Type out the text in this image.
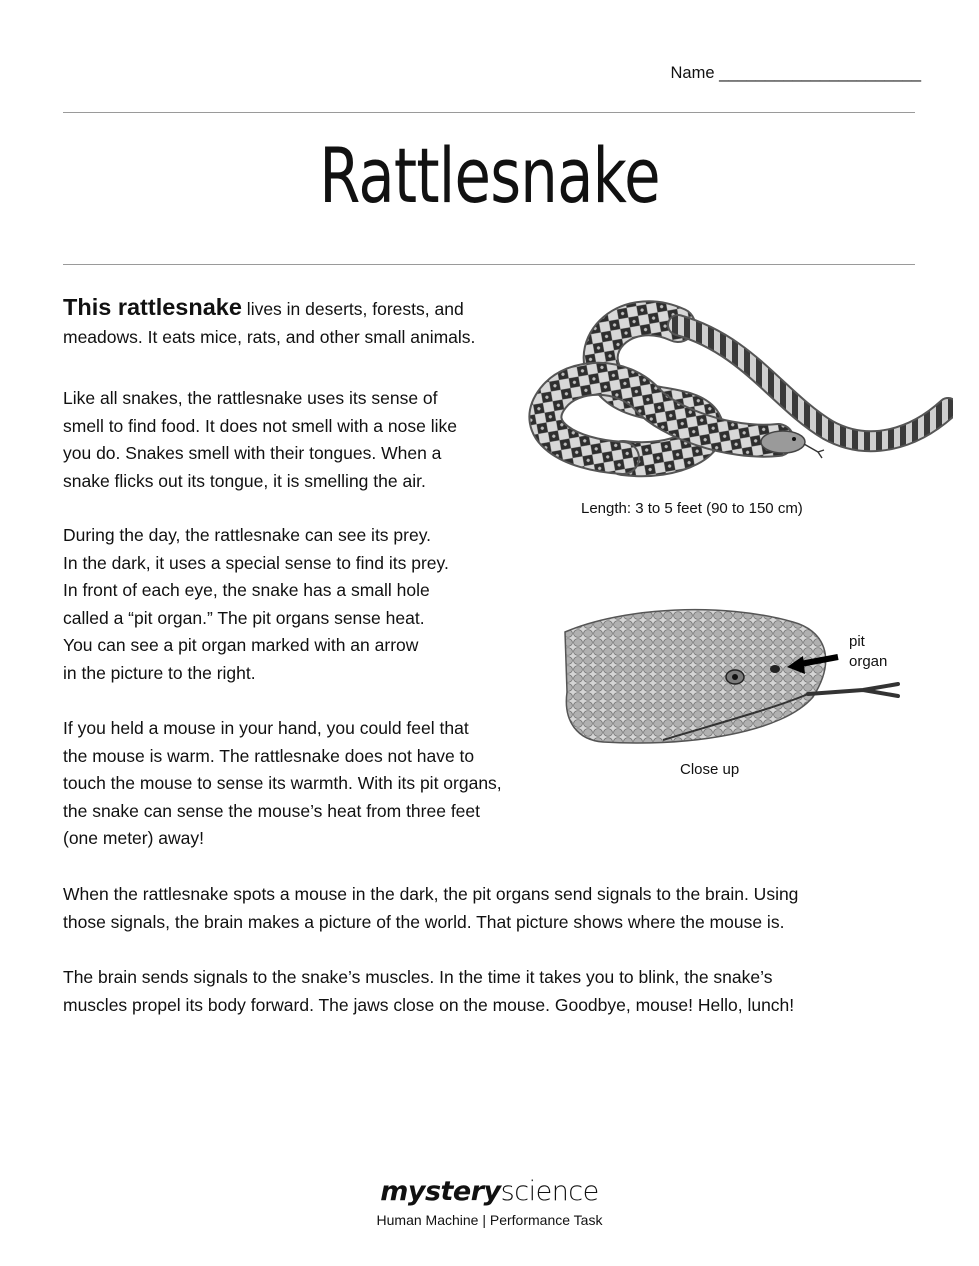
Name ______________________
Rattlesnake
This rattlesnake lives in deserts, forests, and
meadows. It eats mice, rats, and other small animals.
Like all snakes, the rattlesnake uses its sense of
smell to find food. It does not smell with a nose like
you do. Snakes smell with their tongues. When a
snake flicks out its tongue, it is smelling the air.
During the day, the rattlesnake can see its prey.
In the dark, it uses a special sense to find its prey.
In front of each eye, the snake has a small hole
called a “pit organ.” The pit organs sense heat.
You can see a pit organ marked with an arrow
in the picture to the right.
If you held a mouse in your hand, you could feel that
the mouse is warm. The rattlesnake does not have to
touch the mouse to sense its warmth. With its pit organs,
the snake can sense the mouse’s heat from three feet
(one meter) away!
When the rattlesnake spots a mouse in the dark, the pit organs send signals to the brain. Using
those signals, the brain makes a picture of the world. That picture shows where the mouse is.
The brain sends signals to the snake’s muscles. In the time it takes you to blink, the snake’s
muscles propel its body forward. The jaws close on the mouse. Goodbye, mouse! Hello, lunch!
Length: 3 to 5 feet (90 to 150 cm)
pit
organ
Close up
mysteryscience
Human Machine | Performance Task
